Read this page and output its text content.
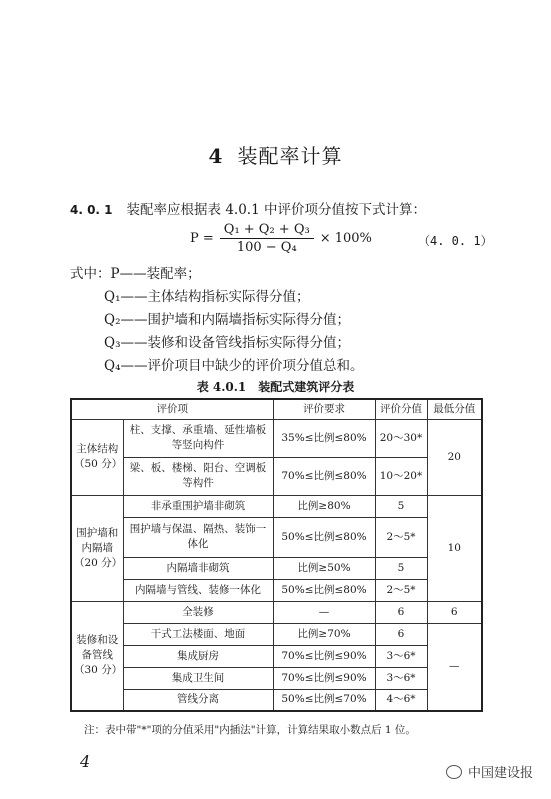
4 装配率计算
4. 0. 1 装配率应根据表 4.0.1 中评价项分值按下式计算：
$P = \frac{\text{Q₁ + Q₂ + Q₃}}{\text{100 − Q₄}} \times 100\%$	（4. 0. 1）
式中：P——装配率；
Q₁——主体结构指标实际得分值；
Q₂——围护墙和内隔墙指标实际得分值；
Q₃——装修和设备管线指标实际得分值；
Q₄——评价项目中缺少的评价项分值总和。
表 4.0.1　装配式建筑评分表
评价项		评价要求	评价分值	最低分值
主体结构（50 分）	柱、支撑、承重墙、延性墙板等竖向构件	35%≤比例≤80%	20～30*	20
	梁、板、楼梯、阳台、空调板等构件	70%≤比例≤80%	10～20*	
围护墙和内隔墙（20 分）	非承重围护墙非砌筑	比例≥80%	5	10
	围护墙与保温、隔热、装饰一体化	50%≤比例≤80%	2～5*	
	内隔墙非砌筑	比例≥50%	5	
	内隔墙与管线、装修一体化	50%≤比例≤80%	2～5*	
装修和设备管线（30 分）	全装修	—	6	6
	干式工法楼面、地面	比例≥70%	6	—
	集成厨房	70%≤比例≤90%	3～6*	
	集成卫生间	70%≤比例≤90%	3～6*	
	管线分离	50%≤比例≤70%	4～6*	
注：表中带"*"项的分值采用"内插法"计算，计算结果取小数点后 1 位。
4
中国建设报
